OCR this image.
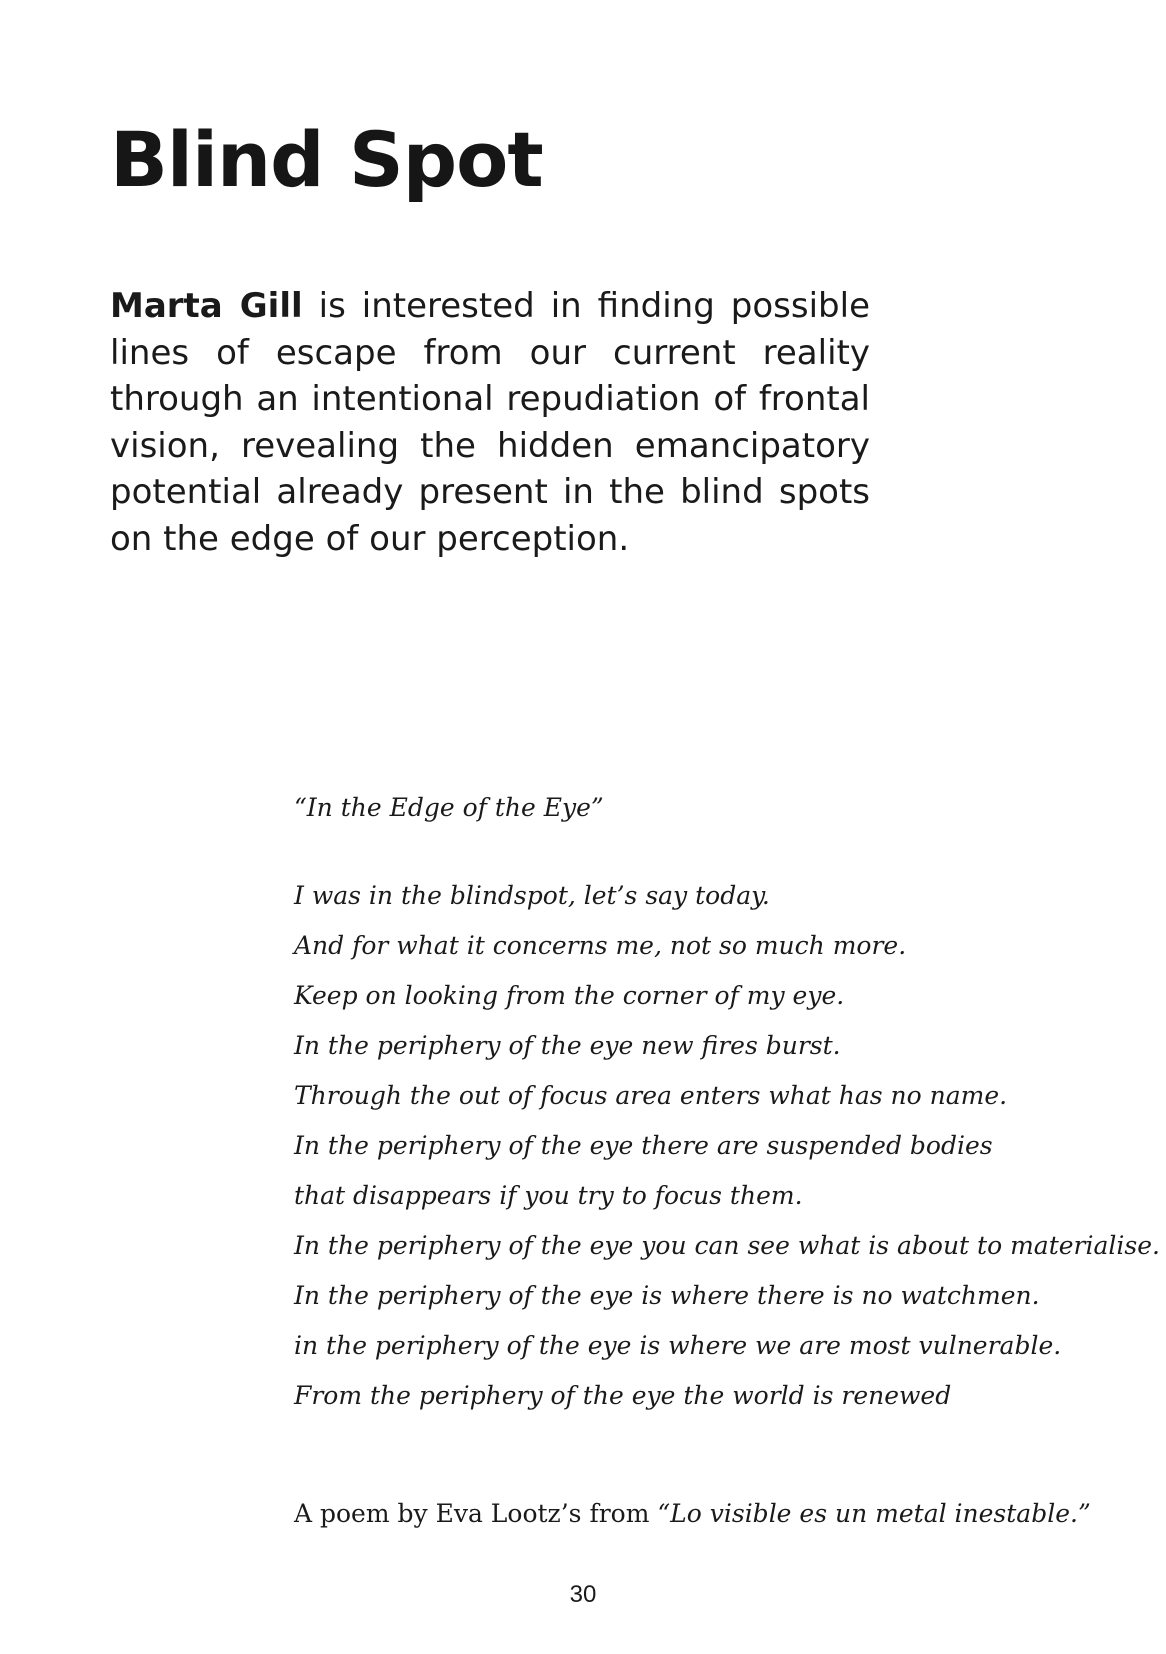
Blind Spot

Marta Gill is interested in finding possible lines of escape from our current reality through an intentional repudiation of frontal vision, revealing the hidden emancipatory potential already present in the blind spots on the edge of our perception.

“In the Edge of the Eye”
I was in the blindspot, let’s say today.
And for what it concerns me, not so much more.
Keep on looking from the corner of my eye.
In the periphery of the eye new fires burst.
Through the out of focus area enters what has no name.
In the periphery of the eye there are suspended bodies
that disappears if you try to focus them.
In the periphery of the eye you can see what is about to materialise.
In the periphery of the eye is where there is no watchmen.
in the periphery of the eye is where we are most vulnerable.
From the periphery of the eye the world is renewed

A poem by Eva Lootz’s from “Lo visible es un metal inestable.”

30
